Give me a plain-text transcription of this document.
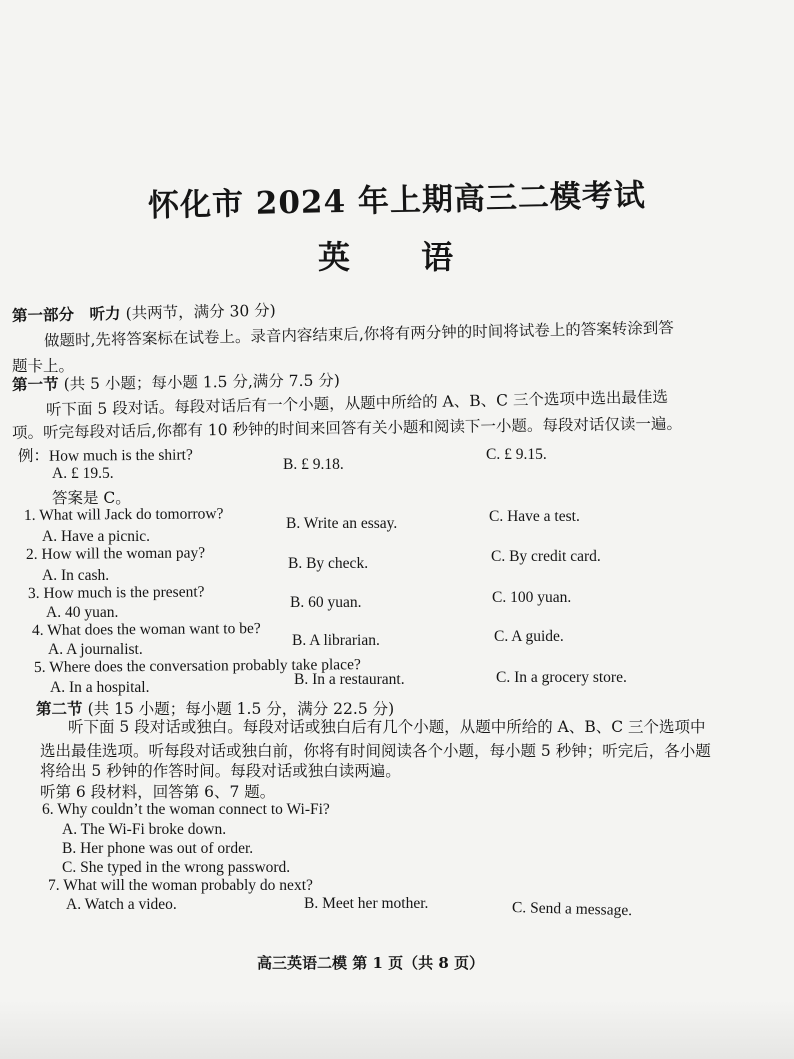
怀化市 2024 年上期高三二模考试
英 语
第一部分　听力 (共两节，满分 30 分)
做题时,先将答案标在试卷上。录音内容结束后,你将有两分钟的时间将试卷上的答案转涂到答
题卡上。
第一节 (共 5 小题；每小题 1.5 分,满分 7.5 分)
听下面 5 段对话。每段对话后有一个小题，从题中所给的 A、B、C 三个选项中选出最佳选
项。听完每段对话后,你都有 10 秒钟的时间来回答有关小题和阅读下一小题。每段对话仅读一遍。
例：How much is the shirt?
A. £ 19.5.
B. £ 9.18.
C. £ 9.15.
答案是 C。
1. What will Jack do tomorrow?
A. Have a picnic.
B. Write an essay.	C. Have a test.
2. How will the woman pay?
A. In cash.
B. By check.	C. By credit card.
3. How much is the present?
A. 40 yuan.
B. 60 yuan.	C. 100 yuan.
4. What does the woman want to be?
A. A journalist.
B. A librarian.	C. A guide.
5. Where does the conversation probably take place?
A. In a hospital.	B. In a restaurant.	C. In a grocery store.
第二节 (共 15 小题；每小题 1.5 分，满分 22.5 分)
听下面 5 段对话或独白。每段对话或独白后有几个小题，从题中所给的 A、B、C 三个选项中
选出最佳选项。听每段对话或独白前，你将有时间阅读各个小题，每小题 5 秒钟；听完后，各小题
将给出 5 秒钟的作答时间。每段对话或独白读两遍。
听第 6 段材料，回答第 6、7 题。
6. Why couldn’t the woman connect to Wi-Fi?
A. The Wi-Fi broke down.
B. Her phone was out of order.
C. She typed in the wrong password.
7. What will the woman probably do next?
A. Watch a video.	B. Meet her mother.	C. Send a message.
高三英语二模 第 1 页（共 8 页）
